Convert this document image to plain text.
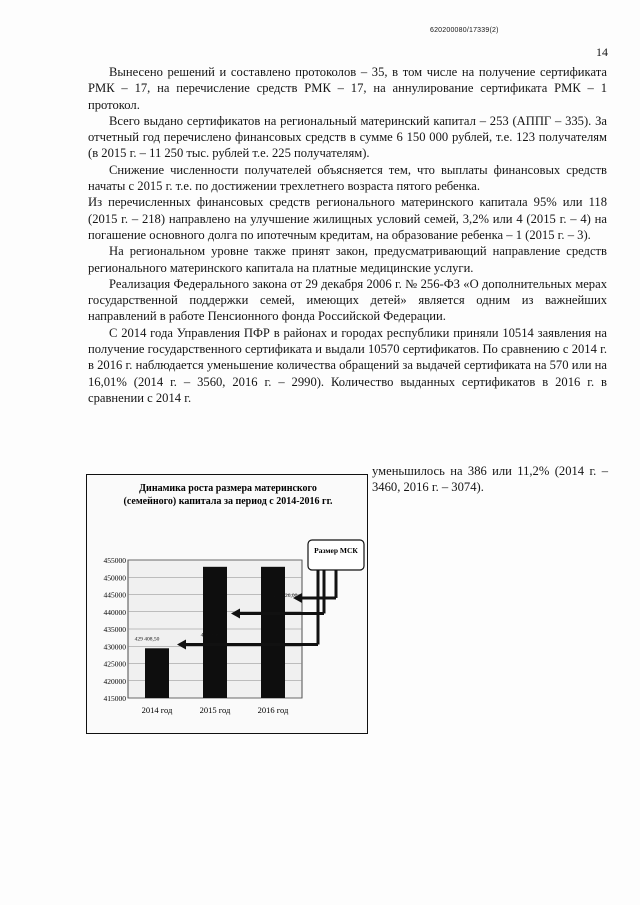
620200080/17339(2)
14

Вынесено решений и составлено протоколов – 35, в том числе на получение сертификата РМК – 17, на перечисление средств РМК – 17, на аннулирование сертификата РМК – 1 протокол.

Всего выдано сертификатов на региональный материнский капитал – 253 (АППГ – 335). За отчетный год перечислено финансовых средств в сумме 6 150 000 рублей, т.е. 123 получателям (в 2015 г. – 11 250 тыс. рублей т.е. 225 получателям).

Снижение численности получателей объясняется тем, что выплаты финансовых средств начаты с 2015 г. т.е. по достижении трехлетнего возраста пятого ребенка.

Из перечисленных финансовых средств регионального материнского капитала 95% или 118 (2015 г. – 218) направлено на улучшение жилищных условий семей, 3,2% или 4 (2015 г. – 4) на погашение основного долга по ипотечным кредитам, на образование ребенка – 1 (2015 г. – 3).

На региональном уровне также принят закон, предусматривающий направление средств регионального материнского капитала на платные медицинские услуги.

Реализация Федерального закона от 29 декабря 2006 г. № 256-ФЗ «О дополнительных мерах государственной поддержки семей, имеющих детей» является одним из важнейших направлений в работе Пенсионного фонда Российской Федерации.

С 2014 года Управления ПФР в районах и городах республики приняли 10514 заявления на получение государственного сертификата и выдали 10570 сертификатов. По сравнению с 2014 г. в 2016 г. наблюдается уменьшение количества обращений за выдачей сертификата на 570 или на 16,01% (2014 г. – 3560, 2016 г. – 2990). Количество выданных сертификатов в 2016 г. в сравнении с 2014 г.

уменьшилось на 386 или 11,2% (2014 г. – 3460, 2016 г. – 3074).
Динамика роста размера материнского
(семейного) капитала за период с 2014-2016 гг.
415000
420000
425000
430000
435000
440000
445000
450000
455000
429 408,50
453 026,00
453 026,00
2014 год	2015 год	2016 год
Размер МСК
